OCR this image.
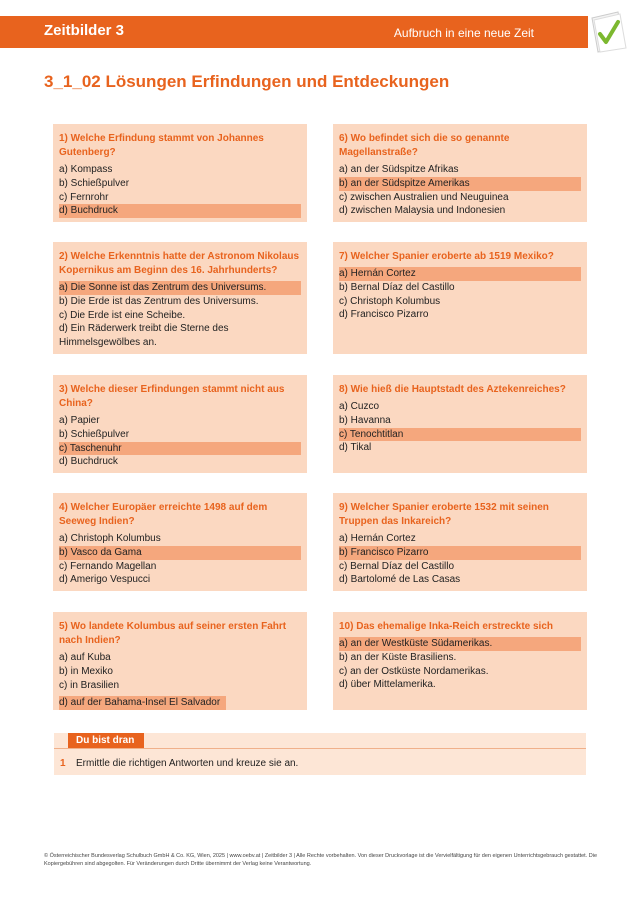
Zeitbilder 3	Aufbruch in eine neue Zeit
3_1_02 Lösungen Erfindungen und Entdeckungen
1) Welche Erfindung stammt von Johannes Gutenberg?
a) Kompass
b) Schießpulver
c) Fernrohr
d) Buchdruck
2) Welche Erkenntnis hatte der Astronom Nikolaus Kopernikus am Beginn des 16. Jahrhunderts?
a) Die Sonne ist das Zentrum des Universums.
b) Die Erde ist das Zentrum des Universums.
c) Die Erde ist eine Scheibe.
d) Ein Räderwerk treibt die Sterne des Himmelsgewölbes an.
3) Welche dieser Erfindungen stammt nicht aus China?
a) Papier
b) Schießpulver
c) Taschenuhr
d) Buchdruck
4) Welcher Europäer erreichte 1498 auf dem Seeweg Indien?
a) Christoph Kolumbus
b) Vasco da Gama
c) Fernando Magellan
d) Amerigo Vespucci
5) Wo landete Kolumbus auf seiner ersten Fahrt nach Indien?
a) auf Kuba
b) in Mexiko
c) in Brasilien
d) auf der Bahama-Insel El Salvador
6) Wo befindet sich die so genannte Magellanstraße?
a) an der Südspitze Afrikas
b) an der Südspitze Amerikas
c) zwischen Australien und Neuguinea
d) zwischen Malaysia und Indonesien
7) Welcher Spanier eroberte ab 1519 Mexiko?
a) Hernán Cortez
b) Bernal Díaz del Castillo
c) Christoph Kolumbus
d) Francisco Pizarro
8) Wie hieß die Hauptstadt des Aztekenreiches?
a) Cuzco
b) Havanna
c) Tenochtitlan
d) Tikal
9) Welcher Spanier eroberte 1532 mit seinen Truppen das Inkareich?
a) Hernán Cortez
b) Francisco Pizarro
c) Bernal Díaz del Castillo
d) Bartolomé de Las Casas
10) Das ehemalige Inka-Reich erstreckte sich
a) an der Westküste Südamerikas.
b) an der Küste Brasiliens.
c) an der Ostküste Nordamerikas.
d) über Mittelamerika.
Du bist dran
1 Ermittle die richtigen Antworten und kreuze sie an.
© Österreichischer Bundesverlag Schulbuch GmbH & Co. KG, Wien, 2025 | www.oebv.at | Zeitbilder 3 | Alle Rechte vorbehalten. Von dieser Druckvorlage ist die Vervielfältigung für den eigenen Unterrichtsgebrauch gestattet. Die Kopiergebühren sind abgegolten. Für Veränderungen durch Dritte übernimmt der Verlag keine Verantwortung.
